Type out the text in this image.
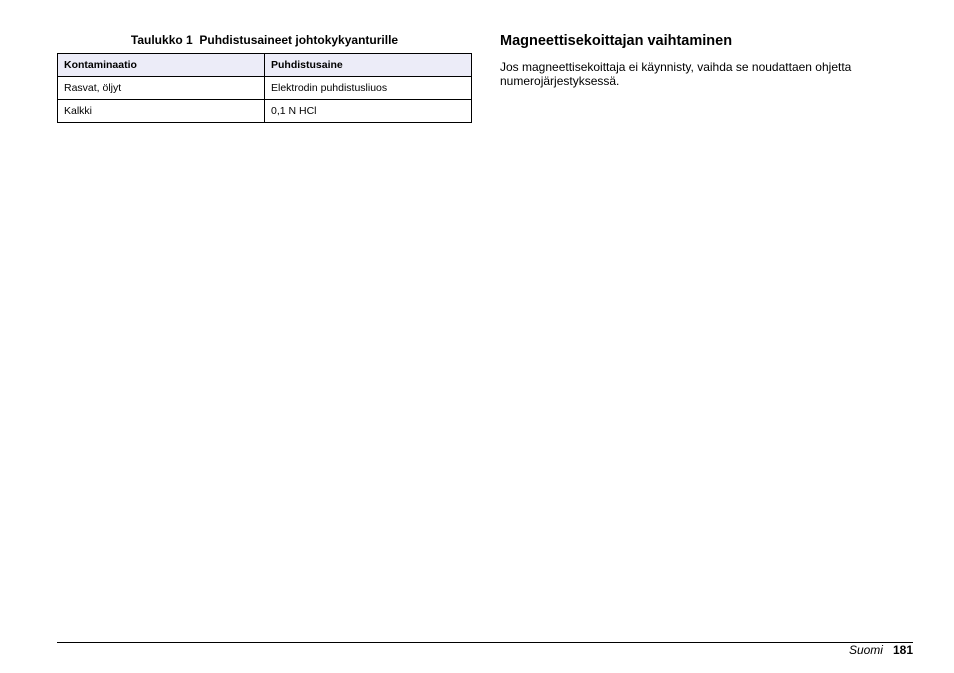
Taulukko 1  Puhdistusaineet johtokykyanturille
Kontaminaatio	Puhdistusaine
Rasvat, öljyt	Elektrodin puhdistusliuos
Kalkki	0,1 N HCl
Magneettisekoittajan vaihtaminen

Jos magneettisekoittaja ei käynnisty, vaihda se noudattaen ohjetta numerojärjestyksessä.

Suomi 181
